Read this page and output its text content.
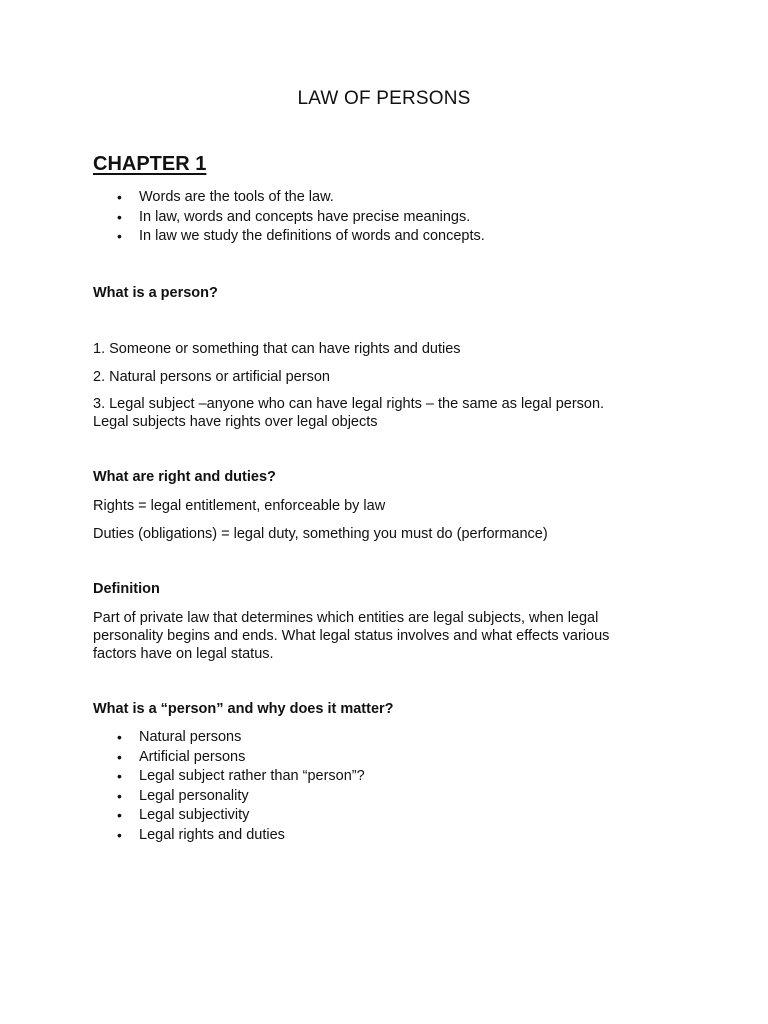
LAW OF PERSONS
CHAPTER 1
• Words are the tools of the law.
• In law, words and concepts have precise meanings.
• In law we study the definitions of words and concepts.
What is a person?

1. Someone or something that can have rights and duties

2. Natural persons or artificial person

3. Legal subject –anyone who can have legal rights – the same as legal person.

Legal subjects have rights over legal objects

What are right and duties?

Rights = legal entitlement, enforceable by law

Duties (obligations) = legal duty, something you must do (performance)

Definition

Part of private law that determines which entities are legal subjects, when legal

personality begins and ends. What legal status involves and what effects various

factors have on legal status.

What is a “person” and why does it matter?
• Natural persons
• Artificial persons
• Legal subject rather than “person”?
• Legal personality
• Legal subjectivity
• Legal rights and duties
